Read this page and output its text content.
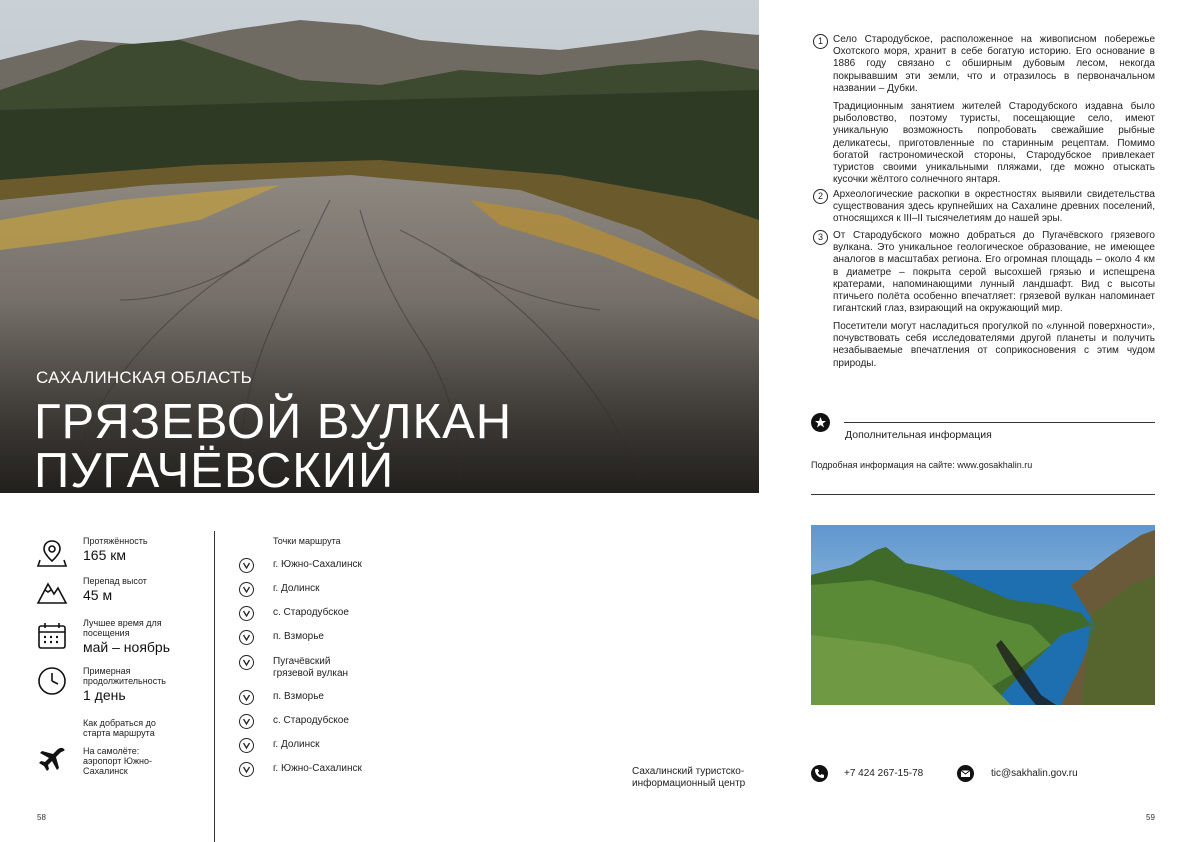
САХАЛИНСКАЯ ОБЛАСТЬ
ГРЯЗЕВОЙ ВУЛКАН
ПУГАЧЁВСКИЙ
1	Село Стародубское, расположенное на живописном побережье Охотского моря, хранит в себе богатую историю. Его основание в 1886 году связано с обширным дубовым лесом, некогда покрывавшим эти земли, что и отразилось в первоначальном названии – Дубки.
Традиционным занятием жителей Стародубского издавна было рыболовство, поэтому туристы, посещающие село, имеют уникальную возможность попробовать свежайшие рыбные деликатесы, приготовленные по старинным рецептам. Помимо богатой гастрономической стороны, Стародубское привлекает туристов своими уникальными пляжами, где можно отыскать кусочки жёлтого солнечного янтаря.
2	Археологические раскопки в окрестностях выявили свидетельства существования здесь крупнейших на Сахалине древних поселений, относящихся к III–II тысячелетиям до нашей эры.
3	От Стародубского можно добраться до Пугачёвского грязевого вулкана. Это уникальное геологическое образование, не имеющее аналогов в масштабах региона. Его огромная площадь – около 4 км в диаметре – покрыта серой высохшей грязью и испещрена кратерами, напоминающими лунный ландшафт. Вид с высоты птичьего полёта особенно впечатляет: грязевой вулкан напоминает гигантский глаз, взирающий на окружающий мир.
Посетители могут насладиться прогулкой по «лунной поверхности», почувствовать себя исследователями другой планеты и получить незабываемые впечатления от соприкосновения с этим чудом природы.
Дополнительная информация
Подробная информация на сайте: www.gosakhalin.ru
Протяжённость
165 км
Перепад высот
45 м
Лучшее время для посещения
май – ноябрь
Примерная продолжительность
1 день
Как добраться до старта маршрута
На самолёте: аэропорт Южно-Сахалинск
Точки маршрута
г. Южно-Сахалинск
г. Долинск
с. Стародубское
п. Взморье
Пугачёвский грязевой вулкан
п. Взморье
с. Стародубское
г. Долинск
г. Южно-Сахалинск	Сахалинский туристско-
информационный центр
+7 424 267-15-78	tic@sakhalin.gov.ru
58	59
